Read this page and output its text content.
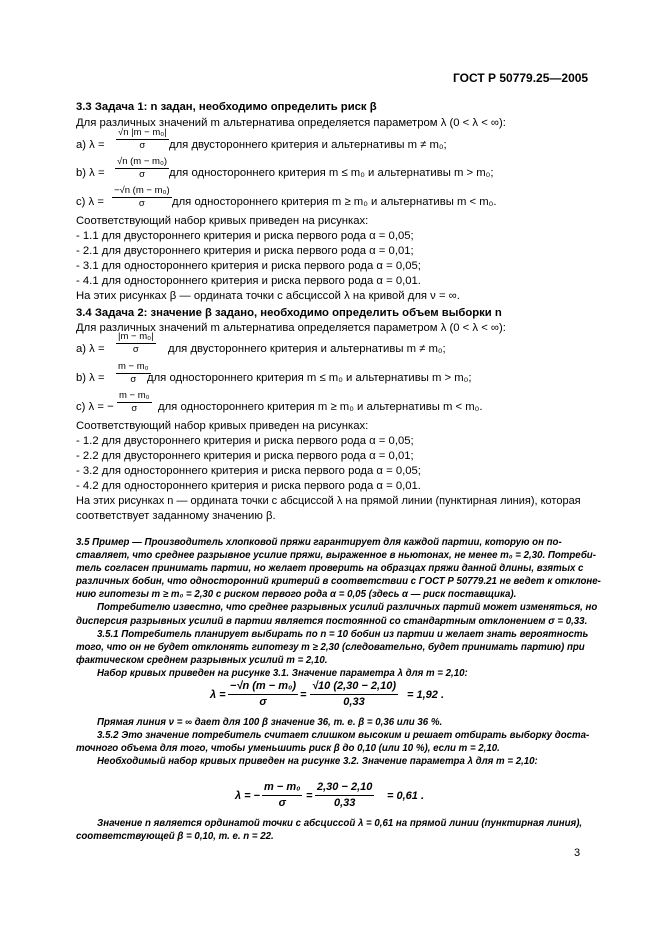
ГОСТ Р 50779.25—2005
3.3 Задача 1: n задан, необходимо определить риск β
Для различных значений m альтернатива определяется параметром λ (0 < λ < ∞):
a) $\lambda = \frac{\text{√n |m − m₀|}}{\sigma}$ для двустороннего критерия и альтернативы m ≠ m₀;
b) $\lambda = \frac{\text{√n (m − m₀)}}{\sigma}$ для одностороннего критерия m ≤ m₀ и альтернативы m > m₀;
c) $\lambda = \frac{\text{−√n (m − m₀)}}{\sigma}$ для одностороннего критерия m ≥ m₀ и альтернативы m < m₀.
Соответствующий набор кривых приведен на рисунках:
- 1.1 для двустороннего критерия и риска первого рода α = 0,05;
- 2.1 для двустороннего критерия и риска первого рода α = 0,01;
- 3.1 для одностороннего критерия и риска первого рода α = 0,05;
- 4.1 для одностороннего критерия и риска первого рода α = 0,01.
На этих рисунках β — ордината точки с абсциссой λ на кривой для ν = ∞.
3.4 Задача 2: значение β задано, необходимо определить объем выборки n
Для различных значений m альтернатива определяется параметром λ (0 < λ < ∞):
a) $\lambda = \frac{\text{|m − m₀|}}{\sigma}$ для двустороннего критерия и альтернативы m ≠ m₀;
b) $\lambda = \frac{\text{m − m₀}}{\sigma}$
для одностороннего критерия m ≤ m₀ и альтернативы m > m₀;
c) λ = − $\frac{\text{m − m₀}}{\sigma}$ для одностороннего критерия m ≥ m₀ и альтернативы m < m₀.
Соответствующий набор кривых приведен на рисунках:
- 1.2 для двустороннего критерия и риска первого рода α = 0,05;
- 2.2 для двустороннего критерия и риска первого рода α = 0,01;
- 3.2 для одностороннего критерия и риска первого рода α = 0,05;
- 4.2 для одностороннего критерия и риска первого рода α = 0,01.
На этих рисунках n — ордината точки с абсциссой λ на прямой линии (пунктирная линия), которая
соответствует заданному значению β.
3.5 Пример — Производитель хлопковой пряжи гарантирует для каждой партии, которую он по-
ставляет, что среднее разрывное усилие пряжи, выраженное в ньютонах, не менее m₀ = 2,30. Потреби-
тель согласен принимать партии, но желает проверить на образцах пряжи данной длины, взятых с
различных бобин, что односторонний критерий в соответствии с ГОСТ Р 50779.21 не ведет к отклоне-
нию гипотезы m ≥ m₀ = 2,30 с риском первого рода α = 0,05 (здесь α — риск поставщика).
Потребителю известно, что среднее разрывных усилий различных партий может изменяться, но
дисперсия разрывных усилий в партии является постоянной со стандартным отклонением σ = 0,33.
3.5.1 Потребитель планирует выбирать по n = 10 бобин из партии и желает знать вероятность
того, что он не будет отклонять гипотезу m ≥ 2,30 (следовательно, будет принимать партию) при
фактическом среднем разрывных усилий m = 2,10.
Набор кривых приведен на рисунке 3.1. Значение параметра λ для m = 2,10:
$\lambda = \frac{\text{−√n (m − m₀)}}{\sigma} = \frac{√10 (2,30 - 2,10)}{0,33} = 1,92$ .
Прямая линия ν = ∞ дает для 100 β значение 36, т. е. β = 0,36 или 36 %.
3.5.2 Это значение потребитель считает слишком высоким и решает отбирать выборку доста-
точного объема для того, чтобы уменьшить риск β до 0,10 (или 10 %), если m = 2,10.
Необходимый набор кривых приведен на рисунке 3.2. Значение параметра λ для m = 2,10:
λ = − $\frac{\text{m − m₀}}{\sigma} = \frac{2,30 - 2,10}{0,33} = 0,61$ .
Значение n является ординатой точки с абсциссой λ = 0,61 на прямой линии (пунктирная линия),
соответствующей β = 0,10, т. е. n = 22.
3
